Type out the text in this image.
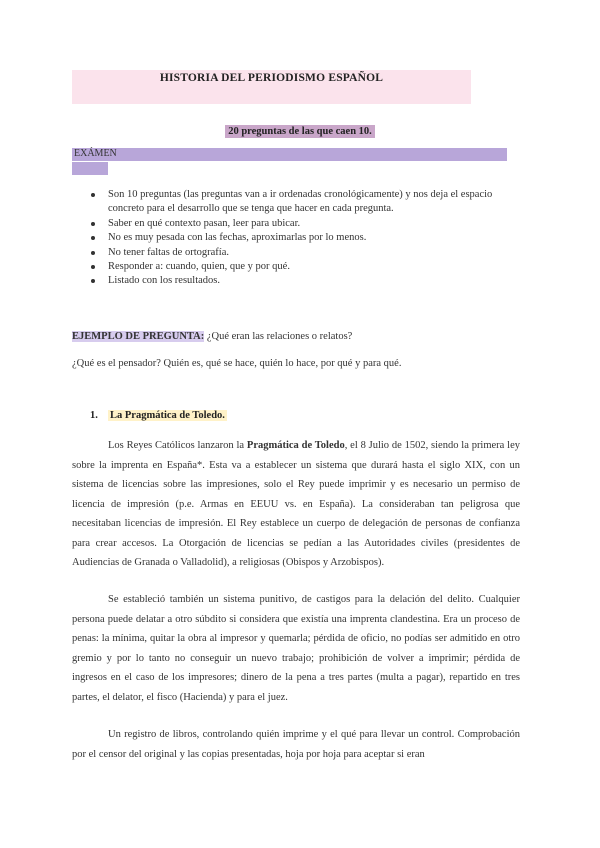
HISTORIA DEL PERIODISMO ESPAÑOL
20 preguntas de las que caen 10.
EXÁMEN
Son 10 preguntas (las preguntas van a ir ordenadas cronológicamente) y nos deja el espacio concreto para el desarrollo que se tenga que hacer en cada pregunta.
Saber en qué contexto pasan, leer para ubicar.
No es muy pesada con las fechas, aproximarlas por lo menos.
No tener faltas de ortografía.
Responder a: cuando, quien, que y por qué.
Listado con los resultados.
EJEMPLO DE PREGUNTA: ¿Qué eran las relaciones o relatos?
¿Qué es el pensador? Quién es, qué se hace, quién lo hace, por qué y para qué.
1. La Pragmática de Toledo.

Los Reyes Católicos lanzaron la Pragmática de Toledo, el 8 Julio de 1502, siendo la primera ley sobre la imprenta en España*. Esta va a establecer un sistema que durará hasta el siglo XIX, con un sistema de licencias sobre las impresiones, solo el Rey puede imprimir y es necesario un permiso de licencia de impresión (p.e. Armas en EEUU vs. en España). La consideraban tan peligrosa que necesitaban licencias de impresión. El Rey establece un cuerpo de delegación de personas de confianza para crear accesos. La Otorgación de licencias se pedían a las Autoridades civiles (presidentes de Audiencias de Granada o Valladolid), a religiosas (Obispos y Arzobispos).

Se estableció también un sistema punitivo, de castigos para la delación del delito. Cualquier persona puede delatar a otro súbdito si considera que existía una imprenta clandestina. Era un proceso de penas: la mínima, quitar la obra al impresor y quemarla; pérdida de oficio, no podías ser admitido en otro gremio y por lo tanto no conseguir un nuevo trabajo; prohibición de volver a imprimir; pérdida de ingresos en el caso de los impresores; dinero de la pena a tres partes (multa a pagar), repartido en tres partes, el delator, el fisco (Hacienda) y para el juez.

Un registro de libros, controlando quién imprime y el qué para llevar un control. Comprobación por el censor del original y las copias presentadas, hoja por hoja para aceptar si eran
